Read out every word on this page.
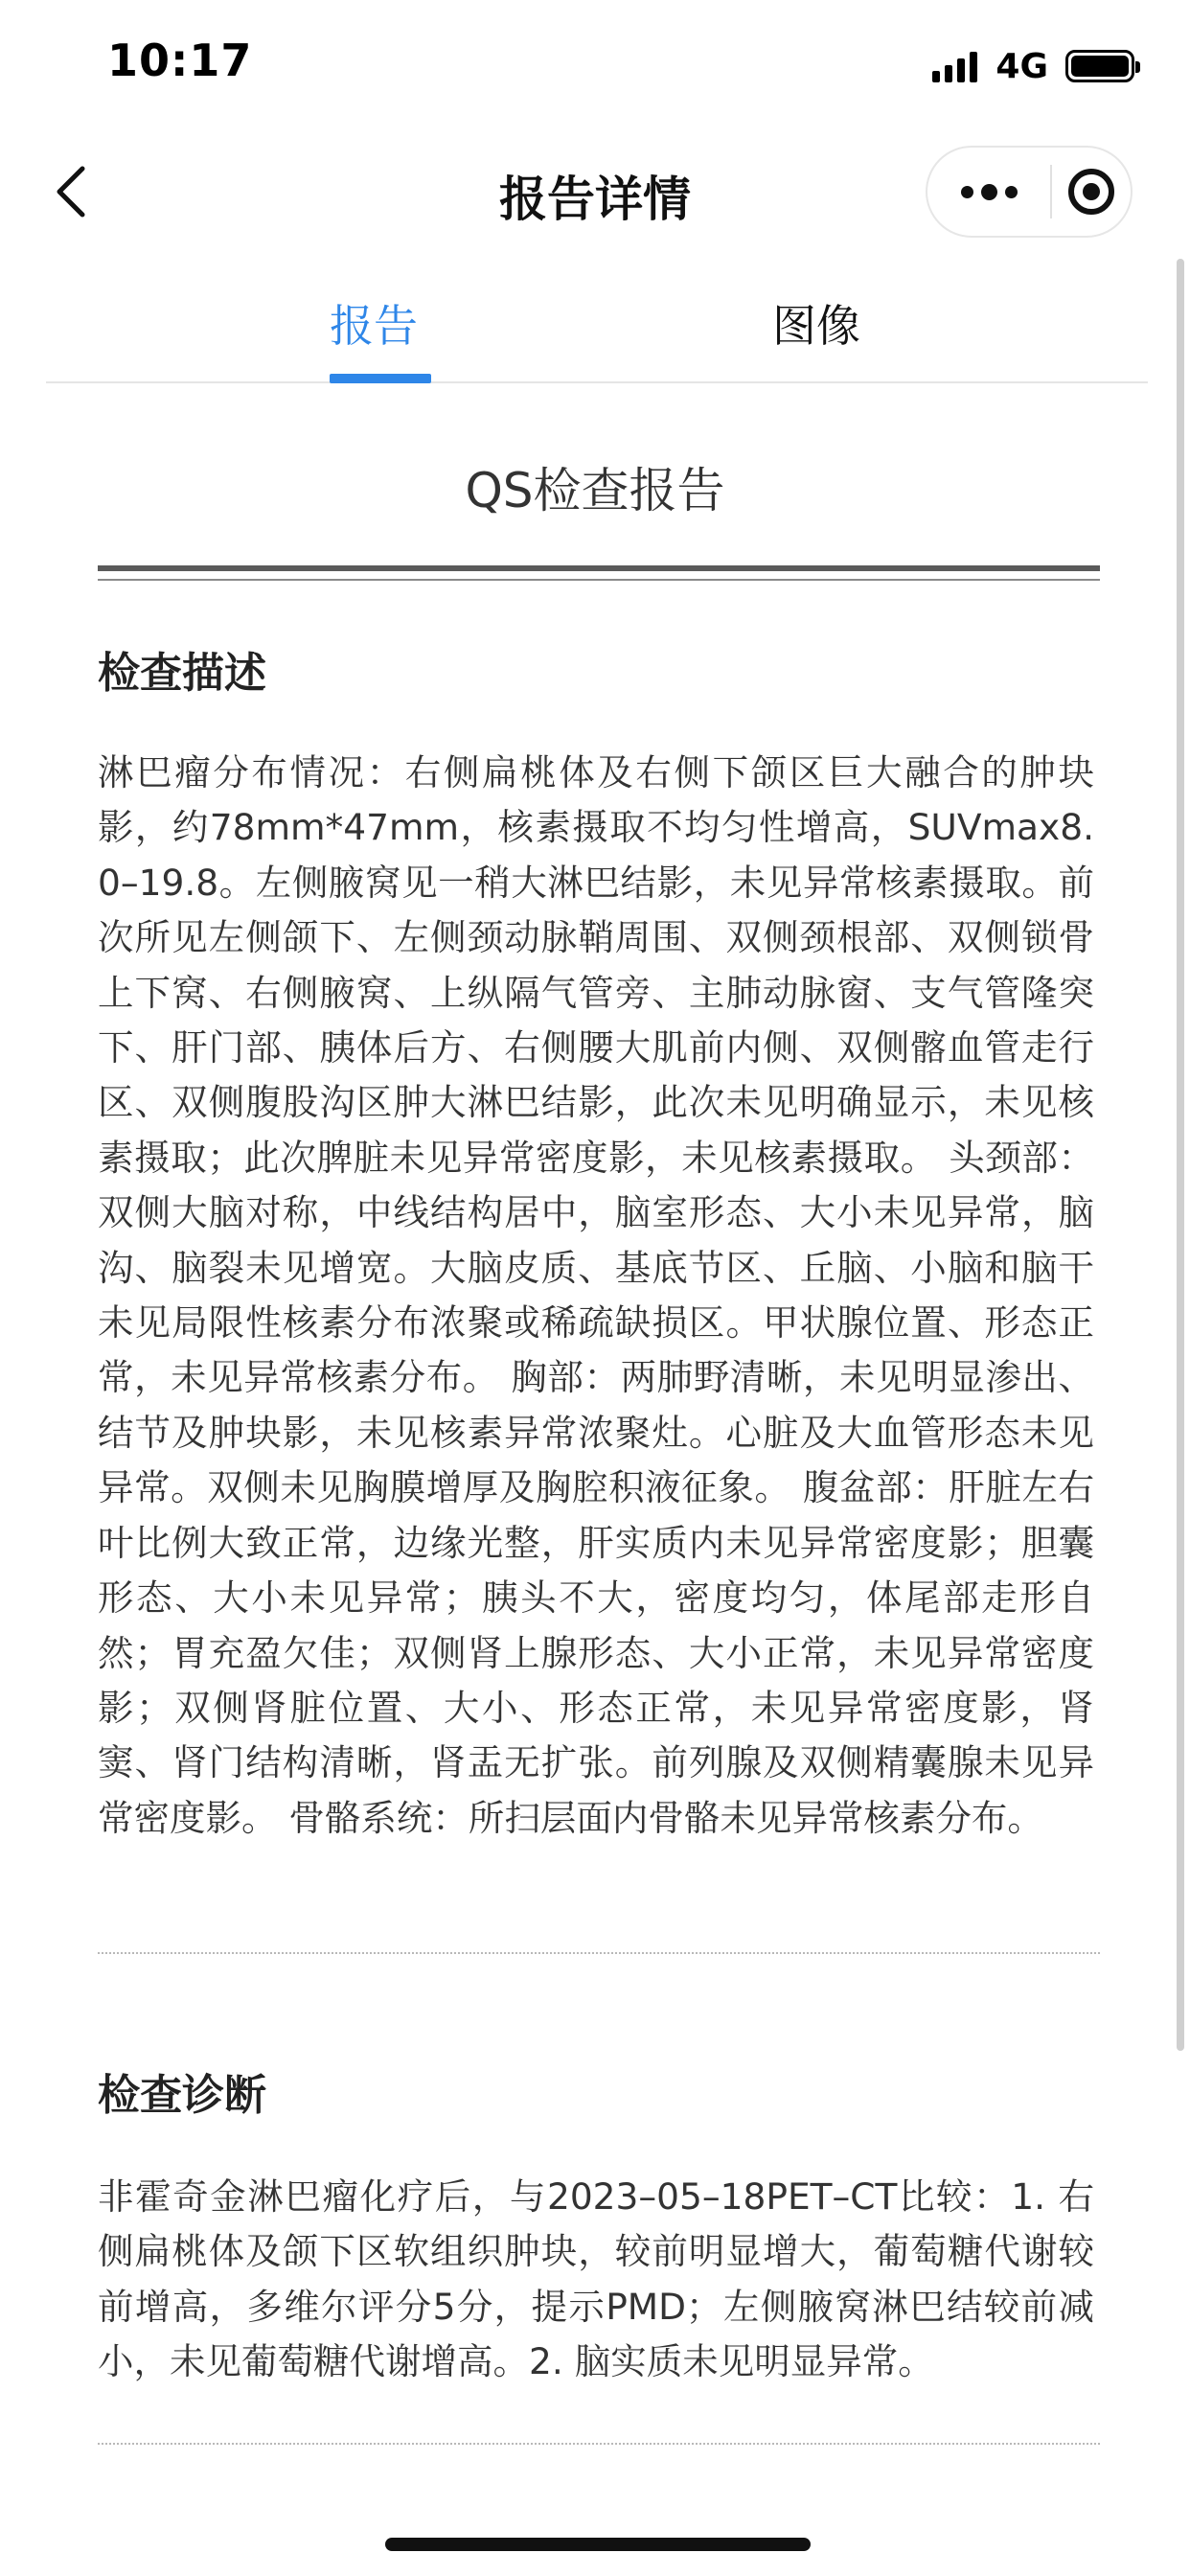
10:17	4G
报告详情
报告	图像
QS检查报告
检查描述

淋巴瘤分布情况：右侧扁桃体及右侧下颌区巨大融合的肿块影，约78mm*47mm，核素摄取不均匀性增高，SUVmax8.0–19.8。左侧腋窝见一稍大淋巴结影，未见异常核素摄取。前次所见左侧颌下、左侧颈动脉鞘周围、双侧颈根部、双侧锁骨上下窝、右侧腋窝、上纵隔气管旁、主肺动脉窗、支气管隆突下、肝门部、胰体后方、右侧腰大肌前内侧、双侧髂血管走行区、双侧腹股沟区肿大淋巴结影，此次未见明确显示，未见核素摄取；此次脾脏未见异常密度影，未见核素摄取。 头颈部：双侧大脑对称，中线结构居中，脑室形态、大小未见异常，脑沟、脑裂未见增宽。大脑皮质、基底节区、丘脑、小脑和脑干未见局限性核素分布浓聚或稀疏缺损区。甲状腺位置、形态正常，未见异常核素分布。 胸部：两肺野清晰，未见明显渗出、结节及肿块影，未见核素异常浓聚灶。心脏及大血管形态未见异常。双侧未见胸膜增厚及胸腔积液征象。 腹盆部：肝脏左右叶比例大致正常，边缘光整，肝实质内未见异常密度影；胆囊形态、大小未见异常；胰头不大，密度均匀，体尾部走形自然；胃充盈欠佳；双侧肾上腺形态、大小正常，未见异常密度影；双侧肾脏位置、大小、形态正常，未见异常密度影，肾窦、肾门结构清晰，肾盂无扩张。前列腺及双侧精囊腺未见异常密度影。 骨骼系统：所扫层面内骨骼未见异常核素分布。

检查诊断

非霍奇金淋巴瘤化疗后，与2023–05–18PET–CT比较：1. 右侧扁桃体及颌下区软组织肿块，较前明显增大，葡萄糖代谢较前增高，多维尔评分5分，提示PMD；左侧腋窝淋巴结较前减小，未见葡萄糖代谢增高。2. 脑实质未见明显异常。
